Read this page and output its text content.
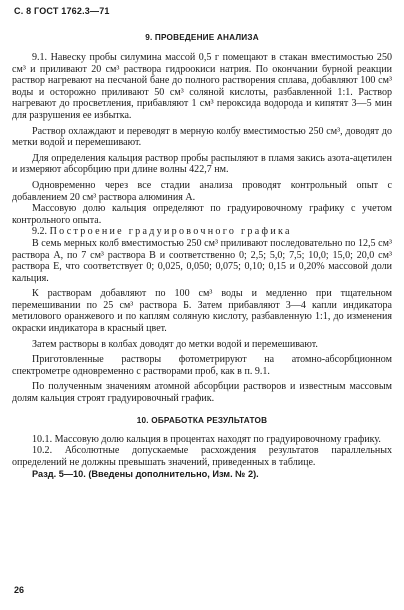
С. 8 ГОСТ 1762.3—71
9. ПРОВЕДЕНИЕ АНАЛИЗА

9.1. Навеску пробы силумина массой 0,5 г помещают в стакан вместимостью 250 см³ и приливают 20 см³ раствора гидроокиси натрия. По окончании бурной реакции раствор нагревают на песчаной бане до полного растворения сплава, добавляют 100 см³ воды и осторожно приливают 50 см³ соляной кислоты, разбавленной 1:1. Раствор нагревают до просветления, прибавляют 1 см³ пероксида водорода и кипятят 3—5 мин для разрушения ее избытка.

Раствор охлаждают и переводят в мерную колбу вместимостью 250 см³, доводят до метки водой и перемешивают.

Для определения кальция раствор пробы распыляют в пламя закись азота-ацетилен и измеряют абсорбцию при длине волны 422,7 нм.

Одновременно через все стадии анализа проводят контрольный опыт с добавлением 20 см³ раствора алюминия А.

Массовую долю кальция определяют по градуировочному графику с учетом контрольного опыта.

9.2. Построение градуировочного графика

В семь мерных колб вместимостью 250 см³ приливают последовательно по 12,5 см³ раствора А, по 7 см³ раствора В и соответственно 0; 2,5; 5,0; 7,5; 10,0; 15,0; 20,0 см³ раствора Е, что соответствует 0; 0,025, 0,050; 0,075; 0,10; 0,15 и 0,20% массовой доли кальция.

К растворам добавляют по 100 см³ воды и медленно при тщательном перемешивании по 25 см³ раствора Б. Затем прибавляют 3—4 капли индикатора метилового оранжевого и по каплям соляную кислоту, разбавленную 1:1, до изменения окраски индикатора в красный цвет.

Затем растворы в колбах доводят до метки водой и перемешивают.

Приготовленные растворы фотометрируют на атомно-абсорбционном спектрометре одновременно с растворами проб, как в п. 9.1.

По полученным значениям атомной абсорбции растворов и известным массовым долям кальция строят градуировочный график.

10. ОБРАБОТКА РЕЗУЛЬТАТОВ

10.1. Массовую долю кальция в процентах находят по градуировочному графику.

10.2. Абсолютные допускаемые расхождения результатов параллельных определений не должны превышать значений, приведенных в таблице.

Разд. 5—10. (Введены дополнительно, Изм. № 2).

26
